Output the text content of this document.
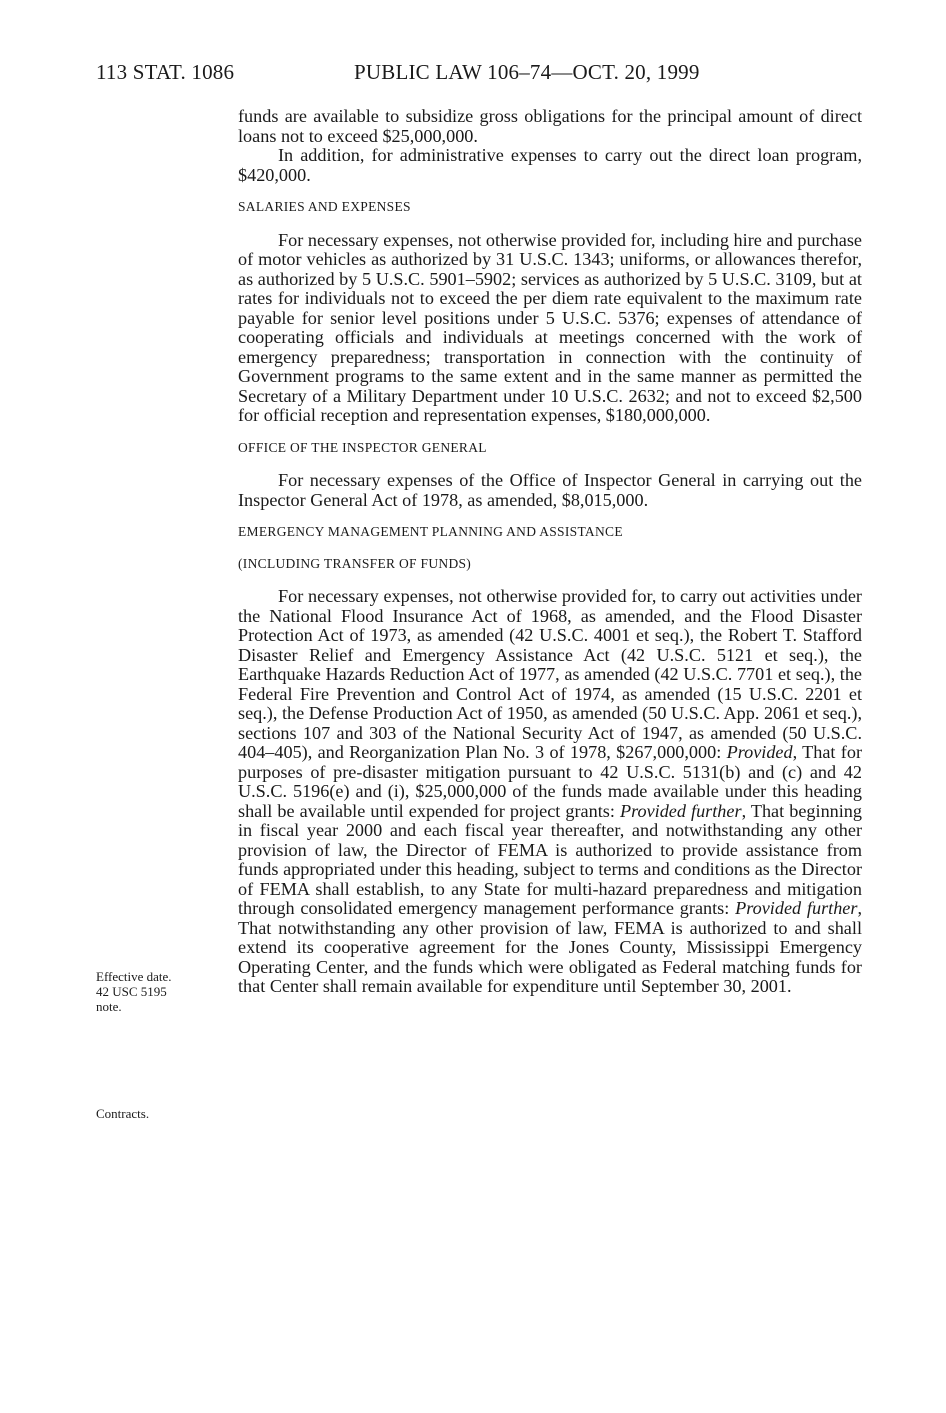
113 STAT. 1086	PUBLIC LAW 106–74—OCT. 20, 1999

Effective date.

42 USC 5195

note.

Contracts.

funds are available to subsidize gross obligations for the principal amount of direct loans not to exceed $25,000,000.

In addition, for administrative expenses to carry out the direct loan program, $420,000.

SALARIES AND EXPENSES

For necessary expenses, not otherwise provided for, including hire and purchase of motor vehicles as authorized by 31 U.S.C. 1343; uniforms, or allowances therefor, as authorized by 5 U.S.C. 5901–5902; services as authorized by 5 U.S.C. 3109, but at rates for individuals not to exceed the per diem rate equivalent to the maximum rate payable for senior level positions under 5 U.S.C. 5376; expenses of attendance of cooperating officials and individuals at meetings concerned with the work of emergency preparedness; transportation in connection with the continuity of Government programs to the same extent and in the same manner as permitted the Secretary of a Military Department under 10 U.S.C. 2632; and not to exceed $2,500 for official reception and representation expenses, $180,000,000.

OFFICE OF THE INSPECTOR GENERAL

For necessary expenses of the Office of Inspector General in carrying out the Inspector General Act of 1978, as amended, $8,015,000.

EMERGENCY MANAGEMENT PLANNING AND ASSISTANCE

(INCLUDING TRANSFER OF FUNDS)

For necessary expenses, not otherwise provided for, to carry out activities under the National Flood Insurance Act of 1968, as amended, and the Flood Disaster Protection Act of 1973, as amended (42 U.S.C. 4001 et seq.), the Robert T. Stafford Disaster Relief and Emergency Assistance Act (42 U.S.C. 5121 et seq.), the Earthquake Hazards Reduction Act of 1977, as amended (42 U.S.C. 7701 et seq.), the Federal Fire Prevention and Control Act of 1974, as amended (15 U.S.C. 2201 et seq.), the Defense Production Act of 1950, as amended (50 U.S.C. App. 2061 et seq.), sections 107 and 303 of the National Security Act of 1947, as amended (50 U.S.C. 404–405), and Reorganization Plan No. 3 of 1978, $267,000,000: Provided, That for purposes of pre-disaster mitigation pursuant to 42 U.S.C. 5131(b) and (c) and 42 U.S.C. 5196(e) and (i), $25,000,000 of the funds made available under this heading shall be available until expended for project grants: Provided further, That beginning in fiscal year 2000 and each fiscal year thereafter, and notwithstanding any other provision of law, the Director of FEMA is authorized to provide assistance from funds appropriated under this heading, subject to terms and conditions as the Director of FEMA shall establish, to any State for multi-hazard preparedness and mitigation through consolidated emergency management performance grants: Provided further, That notwithstanding any other provision of law, FEMA is authorized to and shall extend its cooperative agreement for the Jones County, Mississippi Emergency Operating Center, and the funds which were obligated as Federal matching funds for that Center shall remain available for expenditure until September 30, 2001.
